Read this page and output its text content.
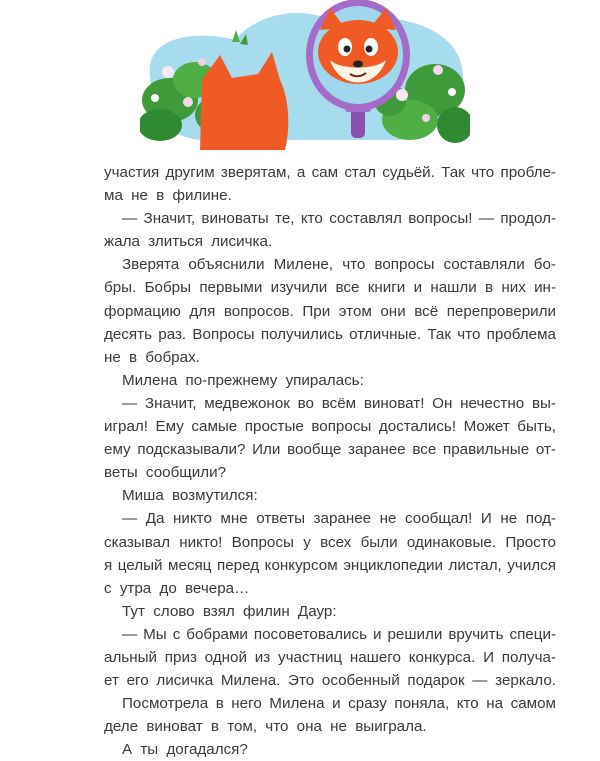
участия другим зверятам, а сам стал судьёй. Так что пробле-
ма не в филине.
— Значит, виноваты те, кто составлял вопросы! — продол-
жала злиться лисичка.
Зверята объяснили Милене, что вопросы составляли бо-
бры. Бобры первыми изучили все книги и нашли в них ин-
формацию для вопросов. При этом они всё перепроверили
десять раз. Вопросы получились отличные. Так что проблема
не в бобрах.
Милена по-прежнему упиралась:
— Значит, медвежонок во всём виноват! Он нечестно вы-
играл! Ему самые простые вопросы достались! Может быть,
ему подсказывали? Или вообще заранее все правильные от-
веты сообщили?
Миша возмутился:
— Да никто мне ответы заранее не сообщал! И не под-
сказывал никто! Вопросы у всех были одинаковые. Просто
я целый месяц перед конкурсом энциклопедии листал, учился
с утра до вечера…
Тут слово взял филин Даур:
— Мы с бобрами посоветовались и решили вручить специ-
альный приз одной из участниц нашего конкурса. И получа-
ет его лисичка Милена. Это особенный подарок — зеркало.
Посмотрела в него Милена и сразу поняла, кто на самом
деле виноват в том, что она не выиграла.
А ты догадался?
